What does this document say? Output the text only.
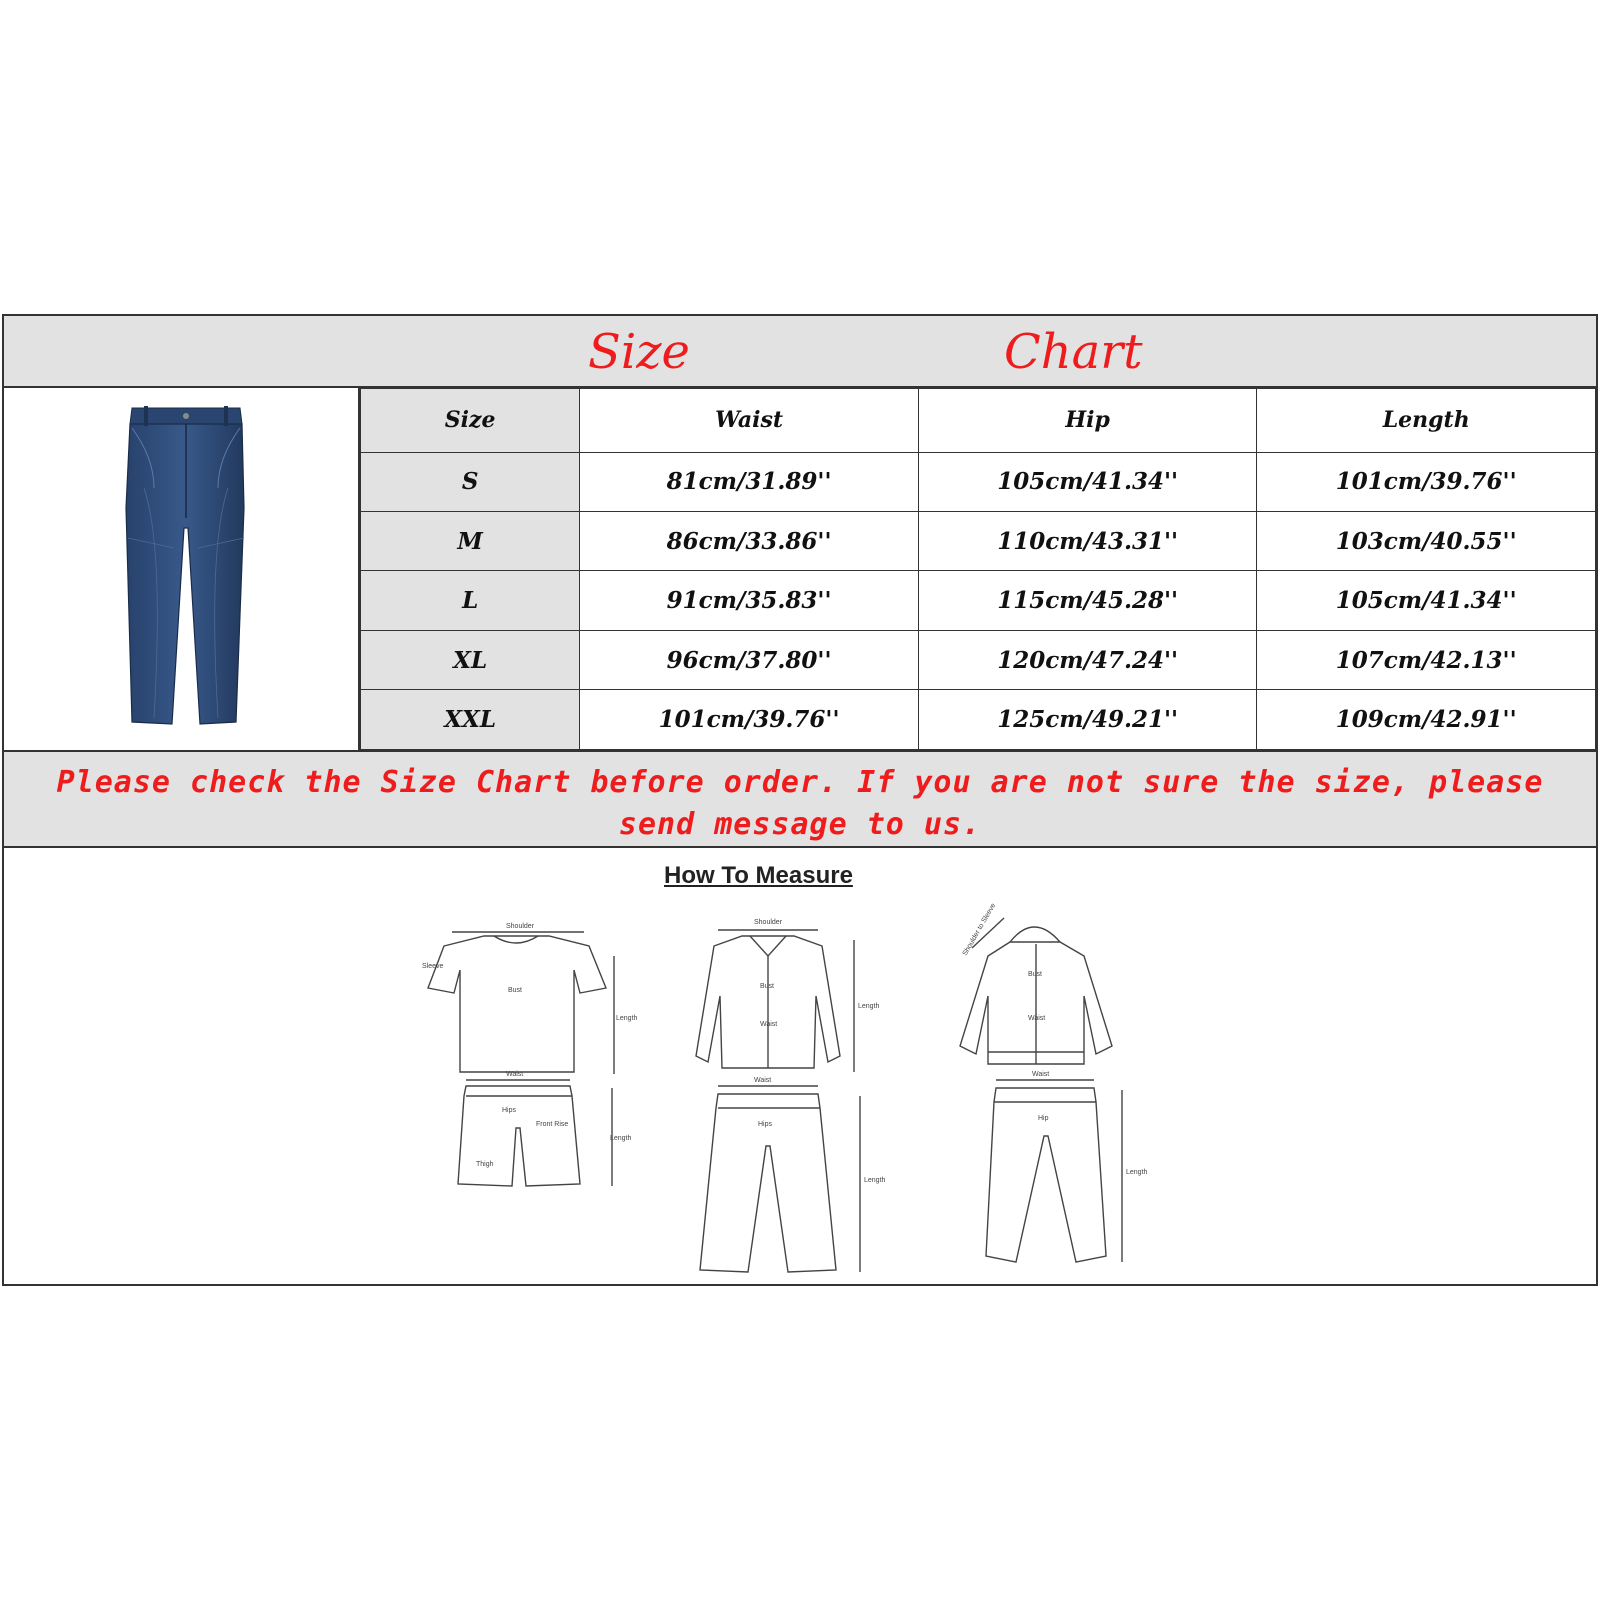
Size	Chart
Size	Waist	Hip	Length
S	81cm/31.89''	105cm/41.34''	101cm/39.76''
M	86cm/33.86''	110cm/43.31''	103cm/40.55''
L	91cm/35.83''	115cm/45.28''	105cm/41.34''
XL	96cm/37.80''	120cm/47.24''	107cm/42.13''
XXL	101cm/39.76''	125cm/49.21''	109cm/42.91''
Please check the Size Chart before order. If you are not sure the size, please send message to us.
How To Measure
Shoulder
Bust
Length
Sleeve
Waist
Hips
Front Rise
Thigh
Length
Shoulder
Bust
Waist
Length
Waist
Hips
Length
Shoulder to Sleeve
Bust
Waist
Waist
Hip
Length
